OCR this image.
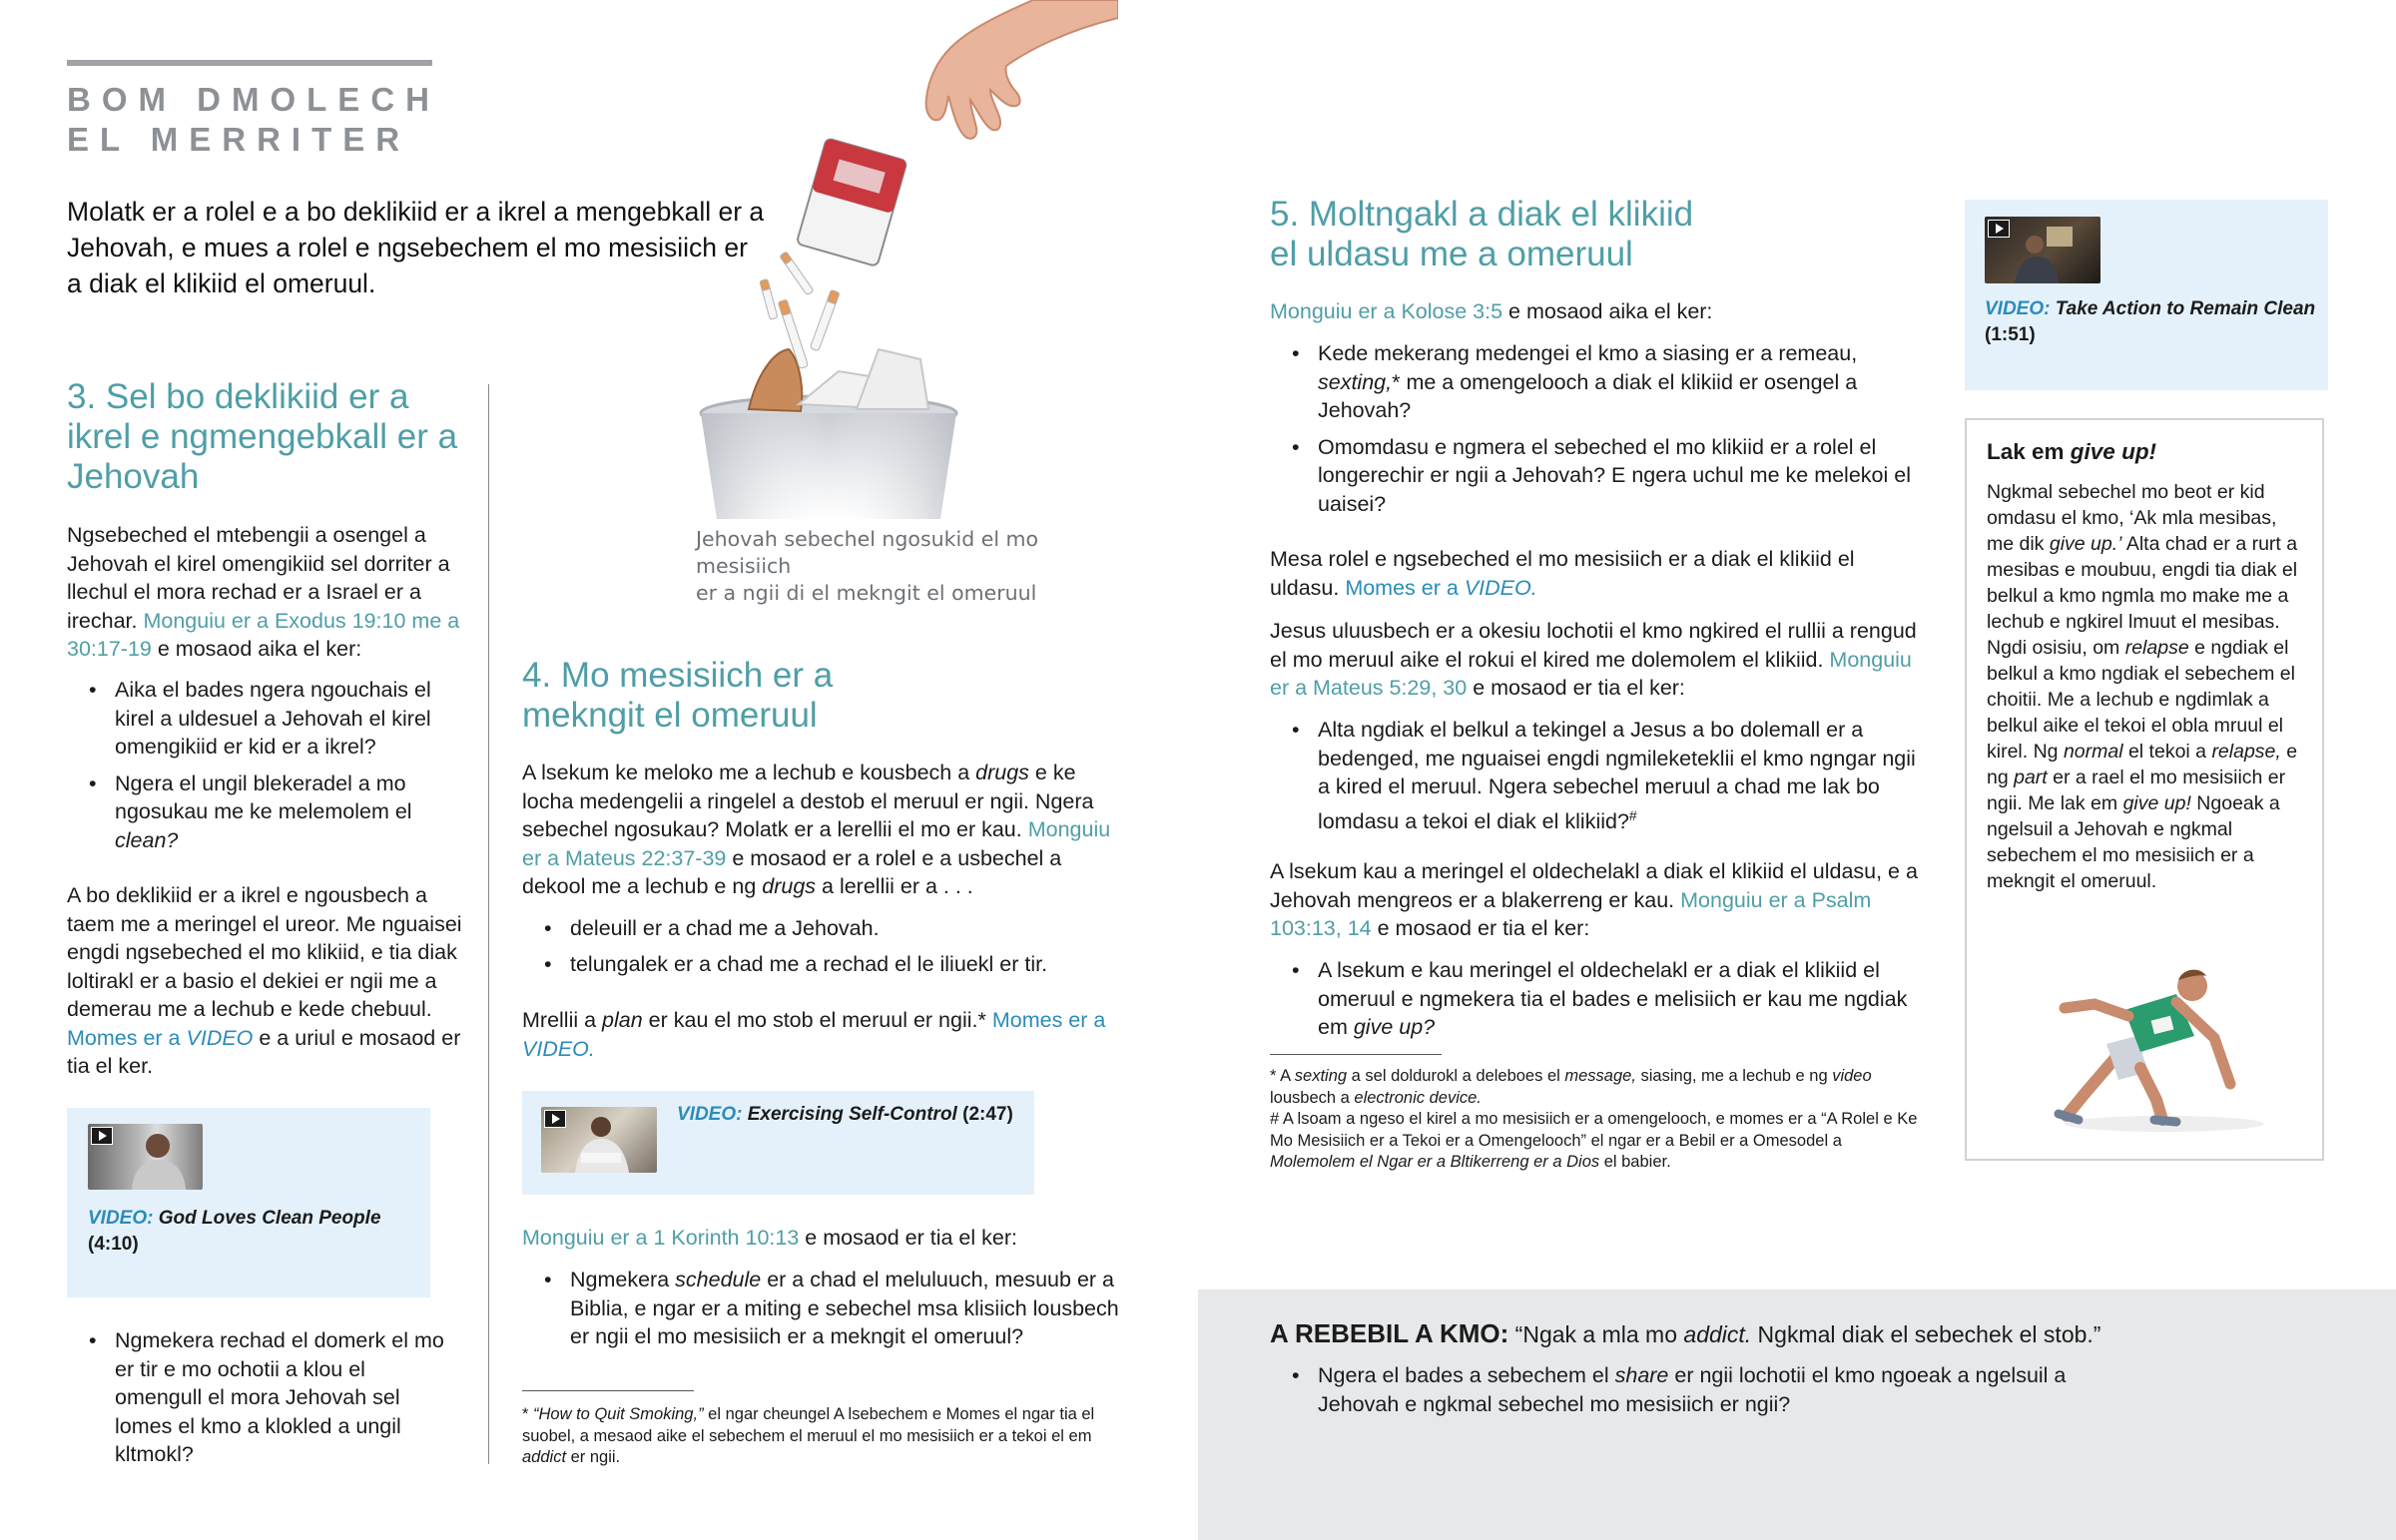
BOM DMOLECH
EL MERRITER

Molatk er a rolel e a bo deklikiid er a ikrel a mengebkall er a Jehovah, e mues a rolel e ngsebechem el mo mesisiich er a diak el klikiid el omeruul.

Jehovah sebechel ngosukid el mo mesisiich
er a ngii di el mekngit el omeruul
3. Sel bo deklikiid er a
ikrel e ngmengebkall er a
Jehovah

Ngsebeched el mtebengii a osengel a Jehovah el kirel omengikiid sel dorriter a llechul el mora rechad er a Israel er a irechar. Monguiu er a Exodus 19:10 me a 30:17-19 e mosaod aika el ker:

• Aika el bades ngera ngouchais el kirel a uldesuel a Jehovah el kirel omengikiid er kid er a ikrel?
• Ngera el ungil blekeradel a mo ngosukau me ke melemolem el clean?

A bo deklikiid er a ikrel e ngousbech a taem me a meringel el ureor. Me nguaisei engdi ngsebeched el mo klikiid, e tia diak loltirakl er a basio el dekiei er ngii me a demerau me a lechub e kede chebuul. Momes er a VIDEO e a uriul e mosaod er tia el ker.

VIDEO: God Loves Clean People
(4:10)
• Ngmekera rechad el domerk el mo er tir e mo ochotii a klou el omengull el mora Jehovah sel lomes el kmo a klokled a ungil kltmokl?
4. Mo mesisiich er a
mekngit el omeruul

A lsekum ke meloko me a lechub e kousbech a drugs e ke locha medengelii a ringelel a destob el meruul er ngii. Ngera sebechel ngosukau? Molatk er a lerellii el mo er kau. Monguiu er a Mateus 22:37-39 e mosaod er a rolel e a usbechel a dekool me a lechub e ng drugs a lerellii er a . . .

• deleuill er a chad me a Jehovah.
• telungalek er a chad me a rechad el le iliuekl er tir.

Mrellii a plan er kau el mo stob el meruul er ngii.* Momes er a VIDEO.

VIDEO: Exercising Self-Control (2:47)

Monguiu er a 1 Korinth 10:13 e mosaod er tia el ker:

• Ngmekera schedule er a chad el meluluuch, mesuub er a Biblia, e ngar er a miting e sebechel msa klisiich lousbech er ngii el mo mesisiich er a mekngit el omeruul?

* “How to Quit Smoking,” el ngar cheungel A lsebechem e Momes el ngar tia el suobel, a mesaod aike el sebechem el meruul el mo mesisiich er a tekoi el em addict er ngii.

5. Moltngakl a diak el klikiid
el uldasu me a omeruul

Monguiu er a Kolose 3:5 e mosaod aika el ker:

• Kede mekerang medengei el kmo a siasing er a remeau, sexting,* me a omengelooch a diak el klikiid er osengel a Jehovah?
• Omomdasu e ngmera el sebeched el mo klikiid er a rolel el longerechir er ngii a Jehovah? E ngera uchul me ke melekoi el uaisei?

Mesa rolel e ngsebeched el mo mesisiich er a diak el klikiid el uldasu. Momes er a VIDEO.

Jesus uluusbech er a okesiu lochotii el kmo ngkired el rullii a rengud el mo meruul aike el rokui el kired me dolemolem el klikiid. Monguiu er a Mateus 5:29, 30 e mosaod er tia el ker:

• Alta ngdiak el belkul a tekingel a Jesus a bo dolemall er a bedenged, me nguaisei engdi ngmileketeklii el kmo ngngar ngii a kired el meruul. Ngera sebechel meruul a chad me lak bo lomdasu a tekoi el diak el klikiid?#

A lsekum kau a meringel el oldechelakl a diak el klikiid el uldasu, e a Jehovah mengreos er a blakerreng er kau. Monguiu er a Psalm 103:13, 14 e mosaod er tia el ker:

• A lsekum e kau meringel el oldechelakl er a diak el klikiid el omeruul e ngmekera tia el bades e melisiich er kau me ngdiak em give up?

* A sexting a sel doldurokl a deleboes el message, siasing, me a lechub e ng video lousbech a electronic device.

# A lsoam a ngeso el kirel a mo mesisiich er a omengelooch, e momes er a “A Rolel e Ke Mo Mesisiich er a Tekoi er a Omengelooch” el ngar er a Bebil er a Omesodel a Molemolem el Ngar er a Bltikerreng er a Dios el babier.

VIDEO: Take Action to Remain Clean
(1:51)
Lak em give up!

Ngkmal sebechel mo beot er kid omdasu el kmo, ‘Ak mla mesibas, me dik give up.’ Alta chad er a rurt a mesibas e moubuu, engdi tia diak el belkul a kmo ngmla mo make me a lechub e ngkirel lmuut el mesibas. Ngdi osisiu, om relapse e ngdiak el belkul a kmo ngdiak el sebechem el choitii. Me a lechub e ngdimlak a belkul aike el tekoi el obla mruul el kirel. Ng normal el tekoi a relapse, e ng part er a rael el mo mesisiich er ngii. Me lak em give up! Ngoeak a ngelsuil a Jehovah e ngkmal sebechem el mo mesisiich er a mekngit el omeruul.

A REBEBIL A KMO: “Ngak a mla mo addict. Ngkmal diak el sebechek el stob.”

• Ngera el bades a sebechem el share er ngii lochotii el kmo ngoeak a ngelsuil a Jehovah e ngkmal sebechel mo mesisiich er ngii?
